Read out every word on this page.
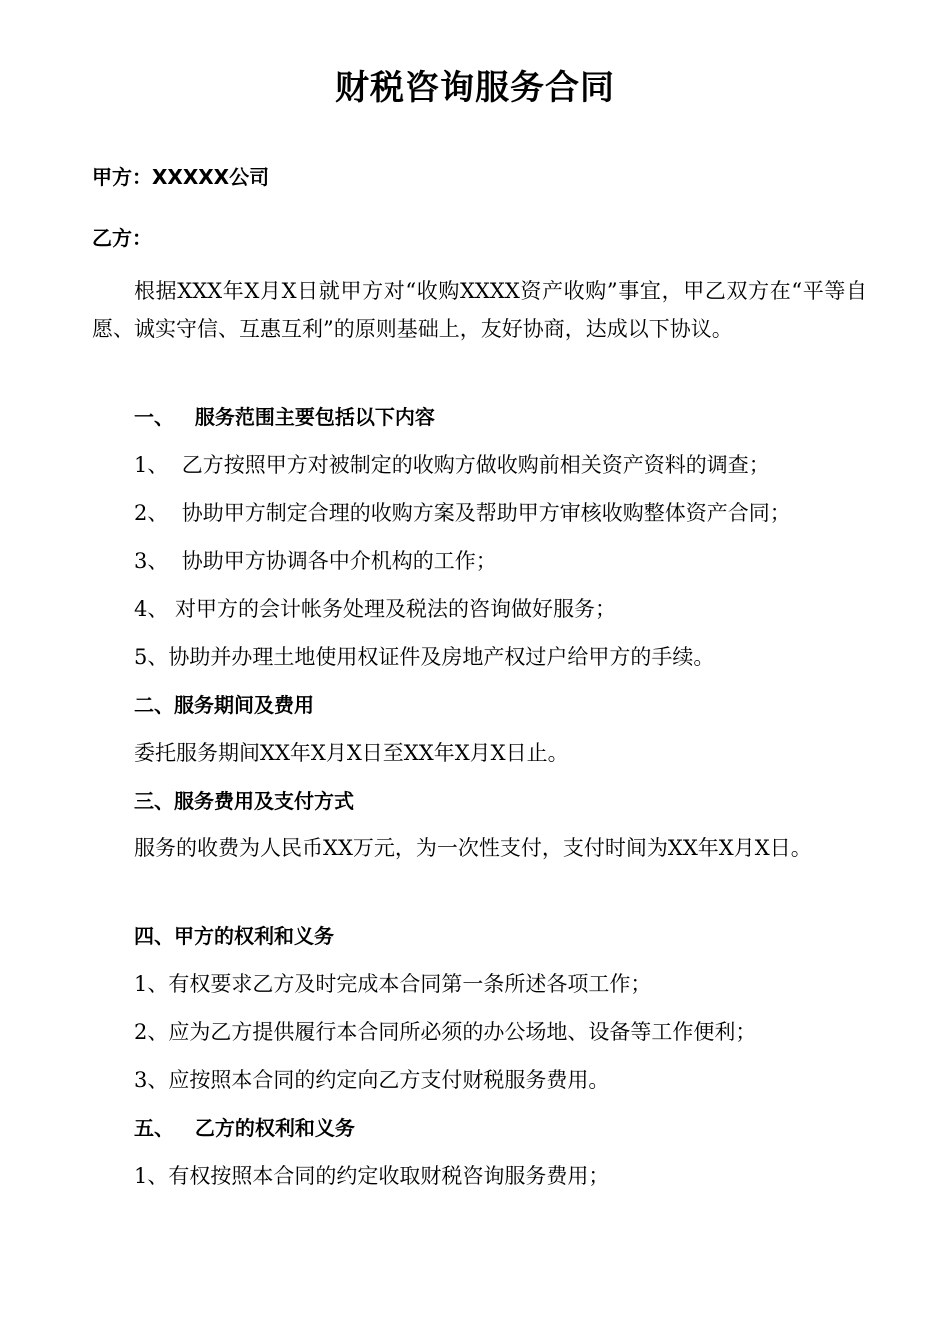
财税咨询服务合同
甲方：XXXXX公司
乙方：
根据XXX年X月X日就甲方对“收购XXXX资产收购”事宜，甲乙双方在“平等自愿、诚实守信、互惠互利”的原则基础上，友好协商，达成以下协议。
一、   服务范围主要包括以下内容
1、  乙方按照甲方对被制定的收购方做收购前相关资产资料的调查；
2、  协助甲方制定合理的收购方案及帮助甲方审核收购整体资产合同；
3、  协助甲方协调各中介机构的工作；
4、 对甲方的会计帐务处理及税法的咨询做好服务；
5、协助并办理土地使用权证件及房地产权过户给甲方的手续。
二、服务期间及费用
委托服务期间XX年X月X日至XX年X月X日止。
三、服务费用及支付方式
服务的收费为人民币XX万元，为一次性支付，支付时间为XX年X月X日。
四、甲方的权利和义务
1、有权要求乙方及时完成本合同第一条所述各项工作；
2、应为乙方提供履行本合同所必须的办公场地、设备等工作便利；
3、应按照本合同的约定向乙方支付财税服务费用。
五、   乙方的权利和义务
1、有权按照本合同的约定收取财税咨询服务费用；
